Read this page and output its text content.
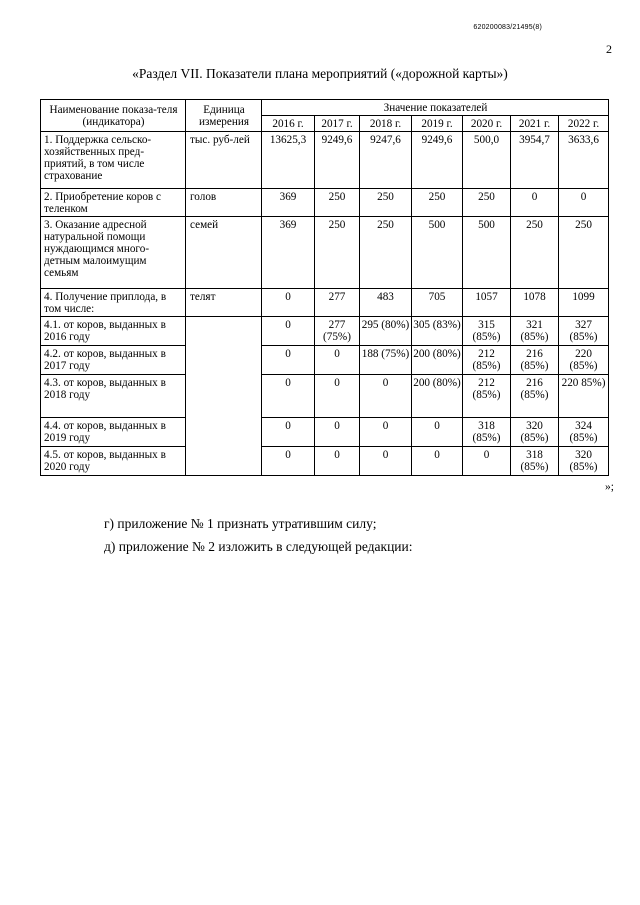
620200083/21495(8)
2
«Раздел VII. Показатели плана мероприятий («дорожной карты»)
Наименование показа-теля (индикатора)	Единица измерения	Значение показателей						
		2016 г.	2017 г.	2018 г.	2019 г.	2020 г.	2021 г.	2022 г.
1. Поддержка сельско-хозяйственных пред-приятий, в том числе страхование	тыс. руб-лей	13625,3	9249,6	9247,6	9249,6	500,0	3954,7	3633,6
2. Приобретение коров с теленком	голов	369	250	250	250	250	0	0
3. Оказание адресной натуральной помощи нуждающимся много-детным малоимущим семьям	семей	369	250	250	500	500	250	250
4. Получение приплода, в том числе:	телят	0	277	483	705	1057	1078	1099
4.1. от коров, выданных в 2016 году		0	277 (75%)	295 (80%)	305 (83%)	315 (85%)	321 (85%)	327 (85%)
4.2. от коров, выданных в 2017 году		0	0	188 (75%)	200 (80%)	212 (85%)	216 (85%)	220 (85%)
4.3. от коров, выданных в 2018 году		0	0	0	200 (80%)	212 (85%)	216 (85%)	220 85%)
4.4. от коров, выданных в 2019 году		0	0	0	0	318 (85%)	320 (85%)	324 (85%)
4.5. от коров, выданных в 2020 году		0	0	0	0	0	318 (85%)	320 (85%)
»;
г) приложение № 1 признать утратившим силу;
д) приложение № 2 изложить в следующей редакции:
